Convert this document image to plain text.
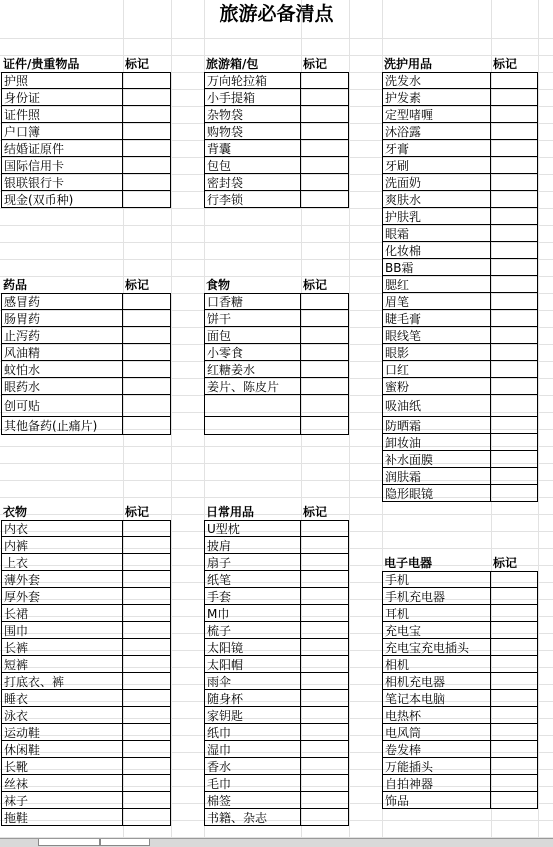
旅游必备清点
证件/贵重物品	标记
护照
身份证
证件照
户口簿
结婚证原件
国际信用卡
银联银行卡
现金(双币种)
旅游箱/包	标记
万向轮拉箱
小手提箱
杂物袋
购物袋
背囊
包包
密封袋
行李锁
洗护用品	标记
洗发水
护发素
定型啫喱
沐浴露
牙膏
牙刷
洗面奶
爽肤水
护肤乳
眼霜
化妆棉
BB霜
腮红
眉笔
睫毛膏
眼线笔
眼影
口红
蜜粉
吸油纸
防晒霜
卸妆油
补水面膜
润肤霜
隐形眼镜
药品	标记
感冒药
肠胃药
止泻药
风油精
蚊怕水
眼药水
创可贴
其他备药(止痛片)
食物	标记
口香糖
饼干
面包
小零食
红糖姜水
姜片、陈皮片
衣物	标记
内衣
内裤
上衣
薄外套
厚外套
长裙
围巾
长裤
短裤
打底衣、裤
睡衣
泳衣
运动鞋
休闲鞋
长靴
丝袜
袜子
拖鞋
日常用品	标记
U型枕
披肩
扇子
纸笔
手套
M巾
梳子
太阳镜
太阳帽
雨伞
随身杯
家钥匙
纸巾
湿巾
香水
毛巾
棉签
书籍、杂志
电子电器	标记
手机
手机充电器
耳机
充电宝
充电宝充电插头
相机
相机充电器
笔记本电脑
电热杯
电风筒
卷发棒
万能插头
自拍神器
饰品
